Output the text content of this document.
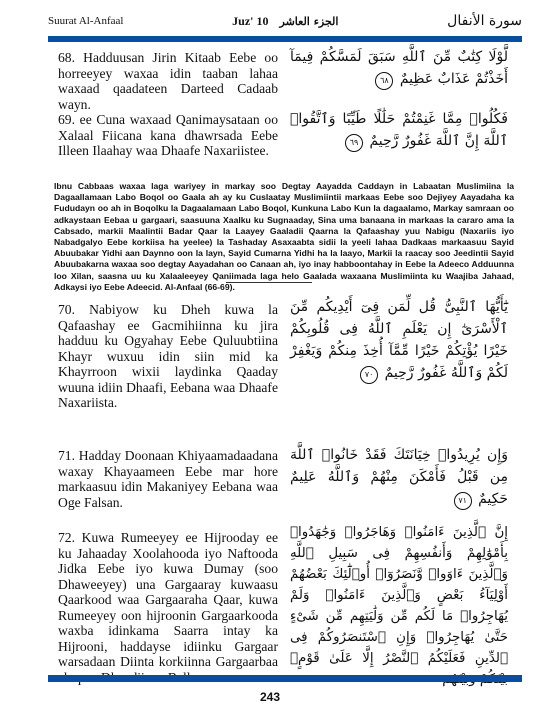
Suurat Al-Anfaal	Juz' 10 الجزء العاشر	سورة الأنفال
68. Hadduusan Jirin Kitaab Eebe oo horreeyey waxaa idin taaban lahaa waxaad qaadateen Darteed Cadaab wayn.
لَّوْلَا كِتَٰبٌ مِّنَ ٱللَّهِ سَبَقَ لَمَسَّكُمْ فِيمَآ أَخَذْتُمْ عَذَابٌ عَظِيمٌ ٦٨
69. ee Cuna waxaad Qanimaysataan oo Xalaal Fiicana kana dhawrsada Eebe Illeen Ilaahay waa Dhaafe Naxariistee.
فَكُلُوا۟ مِمَّا غَنِمْتُمْ حَلَٰلًا طَيِّبًا وَٱتَّقُوا۟ ٱللَّهَ إِنَّ ٱللَّهَ غَفُورٌ رَّحِيمٌ ٦٩
Ibnu Cabbaas waxaa laga wariyey in markay soo Degtay Aayadda Caddayn in Labaatan Muslimiina la Dagaallamaan Labo Boqol oo Gaala ah ay ku Cuslaatay Muslimiintii markaas Eebe soo Dejiyey Aayadaha ka Fududayn oo ah in Boqolku la Dagaalamaan Labo Boqol, Kunkuna Labo Kun la dagaalamo, Markay samraan oo adkaystaan Eebaa u gargaari, saasuuna Xaalku ku Sugnaaday, Sina uma banaana in markaas la cararo ama la Cabsado, markii Maalintii Badar Qaar la Laayey Gaaladii Qaarna la Qafaashay yuu Nabigu (Naxariis iyo Nabadgalyo Eebe korkiisa ha yeelee) la Tashaday Asaxaabta sidii la yeeli lahaa Dadkaas markaasuu Sayid Abuubakar Yidhi aan Daynno oon la layn, Sayid Cumarna Yidhi ha la laayo, Markii la raacay soo Jeedintii Sayid Abuubakarna waxaa soo degtay Aayadahan oo Canaan ah, iyo inay habboontahay in Eebe la Adeeco Adduunna loo Xilan, saasna uu ku Xalaaleeyey Qaniimada laga helo Gaalada waxaana Muslimiinta ku Waajiba Jahaad, Adkaysi iyo Eebe Adeecid. Al-Anfaal (66-69).
70. Nabiyow ku Dheh kuwa la Qafaashay ee Gacmihiinna ku jira hadduu ku Ogyahay Eebe Quluubtiina Khayr wuxuu idin siin mid ka Khayrroon wixii laydinka Qaaday wuuna idiin Dhaafi, Eebana waa Dhaafe Naxariista.
يَٰٓأَيُّهَا ٱلنَّبِىُّ قُل لِّمَن فِىٓ أَيْدِيكُم مِّنَ ٱلْأَسْرَىٰٓ إِن يَعْلَمِ ٱللَّهُ فِى قُلُوبِكُمْ خَيْرًا يُؤْتِكُمْ خَيْرًا مِّمَّآ أُخِذَ مِنكُمْ وَيَغْفِرْ لَكُمْ وَٱللَّهُ غَفُورٌ رَّحِيمٌ ٧٠
71. Hadday Doonaan Khiyaamadaadana waxay Khayaameen Eebe mar hore markaasuu idin Makaniyey Eebana waa Oge Falsan.
وَإِن يُرِيدُوا۟ خِيَانَتَكَ فَقَدْ خَانُوا۟ ٱللَّهَ مِن قَبْلُ فَأَمْكَنَ مِنْهُمْ وَٱللَّهُ عَلِيمٌ حَكِيمٌ ٧١
72. Kuwa Rumeeyey ee Hijrooday ee ku Jahaaday Xoolahooda iyo Naftooda Jidka Eebe iyo kuwa Dumay (soo Dhaweeyey) una Gargaaray kuwaasu Qaarkood waa Gargaaraha Qaar, kuwa Rumeeyey oon hijroonin Gargaarkooda waxba idinkama Saarra intay ka Hijrooni, haddayse idiinku Gargaar warsadaan Diinta korkiinna Gargaarbaa
إِنَّ ٱلَّذِينَ ءَامَنُوا۟ وَهَاجَرُوا۟ وَجَٰهَدُوا۟ بِأَمْوَٰلِهِمْ وَأَنفُسِهِمْ فِى سَبِيلِ ٱللَّهِ وَٱلَّذِينَ ءَاوَوا۟ وَّنَصَرُوٓا۟ أُو۟لَٰٓئِكَ بَعْضُهُمْ أَوْلِيَآءُ بَعْضٍ وَٱلَّذِينَ ءَامَنُوا۟ وَلَمْ يُهَاجِرُوا۟ مَا لَكُم مِّن وَلَٰيَتِهِم مِّن شَىْءٍ حَتَّىٰ يُهَاجِرُوا۟ وَإِنِ ٱسْتَنصَرُوكُمْ فِى ٱلدِّينِ فَعَلَيْكُمُ ٱلنَّصْرُ إِلَّا عَلَىٰ قَوْمٍۭ
243
